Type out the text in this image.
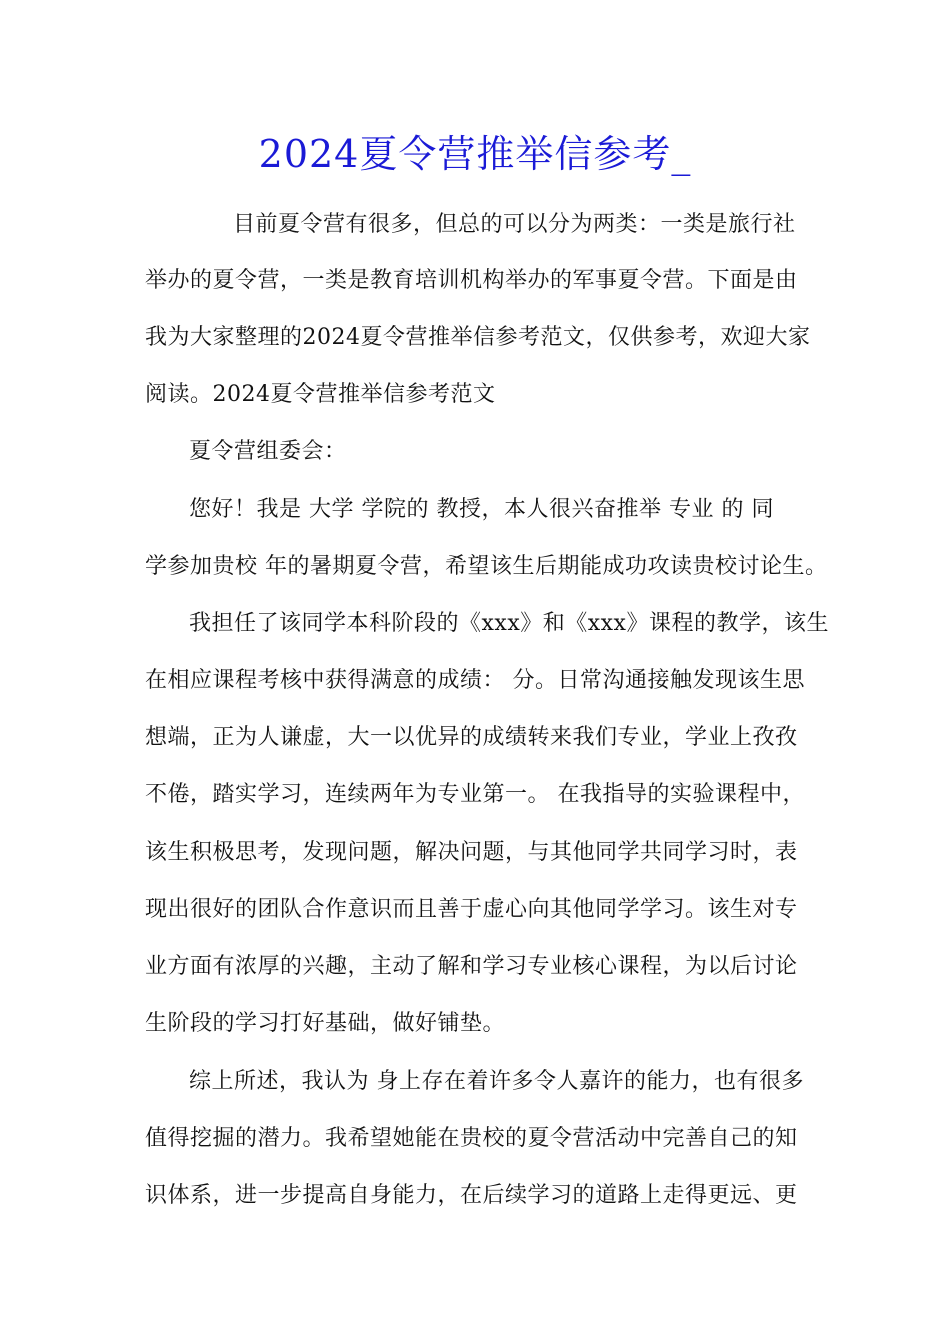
2024夏令营推举信参考_
目前夏令营有很多，但总的可以分为两类：一类是旅行社
举办的夏令营，一类是教育培训机构举办的军事夏令营。下面是由
我为大家整理的2024夏令营推举信参考范文，仅供参考，欢迎大家
阅读。2024夏令营推举信参考范文
夏令营组委会：
您好！我是 大学 学院的 教授，本人很兴奋推举 专业 的 同
学参加贵校 年的暑期夏令营，希望该生后期能成功攻读贵校讨论生。
我担任了该同学本科阶段的《xxx》和《xxx》课程的教学，该生
在相应课程考核中获得满意的成绩： 分。日常沟通接触发现该生思
想端，正为人谦虚，大一以优异的成绩转来我们专业，学业上孜孜
不倦，踏实学习，连续两年为专业第一。 在我指导的实验课程中，
该生积极思考，发现问题，解决问题，与其他同学共同学习时，表
现出很好的团队合作意识而且善于虚心向其他同学学习。该生对专
业方面有浓厚的兴趣，主动了解和学习专业核心课程，为以后讨论
生阶段的学习打好基础，做好铺垫。
综上所述，我认为 身上存在着许多令人嘉许的能力，也有很多
值得挖掘的潜力。我希望她能在贵校的夏令营活动中完善自己的知
识体系，进一步提高自身能力，在后续学习的道路上走得更远、更
